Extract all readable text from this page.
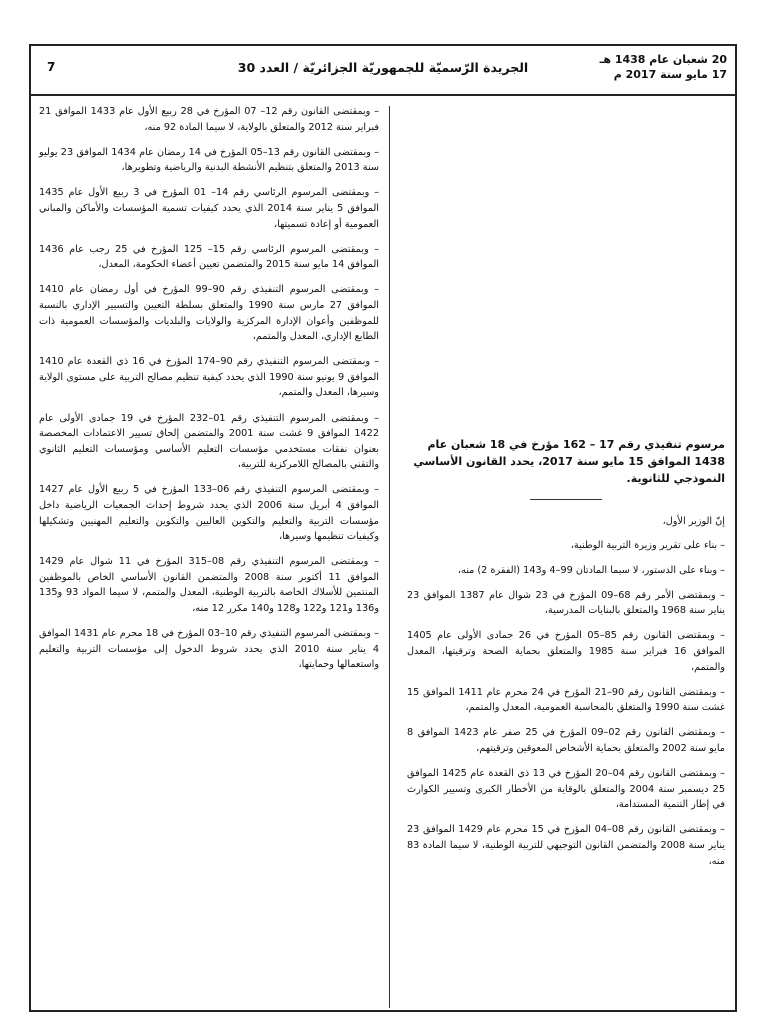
20 شعبان عام 1438 هـ
17 مايو سنة 2017 م
الجريدة الرّسميّة للجمهوريّة الجزائريّة / العدد 30
7

– وبمقتضى القانون رقم 12– 07 المؤرخ في 28 ربيع الأول عام 1433 الموافق 21 فبراير سنة 2012 والمتعلق بالولاية، لا سيما المادة 92 منه،

– وبمقتضى القانون رقم 13–05 المؤرخ في 14 رمضان عام 1434 الموافق 23 يوليو سنة 2013 والمتعلق بتنظيم الأنشطة البدنية والرياضية وتطويرها،

– وبمقتضى المرسوم الرئاسي رقم 14– 01 المؤرخ في 3 ربيع الأول عام 1435 الموافق 5 يناير سنة 2014 الذي يحدد كيفيات تسمية المؤسسات والأماكن والمباني العمومية أو إعادة تسميتها،

– وبمقتضى المرسوم الرئاسي رقم 15– 125 المؤرخ في 25 رجب عام 1436 الموافق 14 مايو سنة 2015 والمتضمن تعيين أعضاء الحكومة، المعدل،

– وبمقتضى المرسوم التنفيذي رقم 90–99 المؤرخ في أول رمضان عام 1410 الموافق 27 مارس سنة 1990 والمتعلق بسلطة التعيين والتسيير الإداري بالنسبة للموظفين وأعوان الإدارة المركزية والولايات والبلديات والمؤسسات العمومية ذات الطابع الإداري، المعدل والمتمم،

– وبمقتضى المرسوم التنفيذي رقم 90–174 المؤرخ في 16 ذي القعدة عام 1410 الموافق 9 يونيو سنة 1990 الذي يحدد كيفية تنظيم مصالح التربية على مستوى الولاية وسيرها، المعدل والمتمم،

– وبمقتضى المرسوم التنفيذي رقم 01–232 المؤرخ في 19 جمادى الأولى عام 1422 الموافق 9 غشت سنة 2001 والمتضمن إلحاق تسيير الاعتمادات المخصصة بعنوان نفقات مستخدمي مؤسسات التعليم الأساسي ومؤسسات التعليم الثانوي والتقني بالمصالح اللامركزية للتربية،

– وبمقتضى المرسوم التنفيذي رقم 06–133 المؤرخ في 5 ربيع الأول عام 1427 الموافق 4 أبريل سنة 2006 الذي يحدد شروط إحداث الجمعيات الرياضية داخل مؤسسات التربية والتعليم والتكوين العاليين والتكوين والتعليم المهنيين وتشكيلها وكيفيات تنظيمها وسيرها،

– وبمقتضى المرسوم التنفيذي رقم 08–315 المؤرخ في 11 شوال عام 1429 الموافق 11 أكتوبر سنة 2008 والمتضمن القانون الأساسي الخاص بالموظفين المنتمين للأسلاك الخاصة بالتربية الوطنية، المعدل والمتمم، لا سيما المواد 93 و135 و136 و121 و122 و128 و140 مكرر 12 منه،

– وبمقتضى المرسوم التنفيذي رقم 10–03 المؤرخ في 18 محرم عام 1431 الموافق 4 يناير سنة 2010 الذي يحدد شروط الدخول إلى مؤسسات التربية والتعليم واستعمالها وحمايتها،

مرسوم تنفيذي رقم 17 – 162 مؤرخ في 18 شعبان عام 1438 الموافق 15 مايو سنة 2017، يحدد القانون الأساسي النموذجي للثانوية.

إنّ الوزير الأول،

– بناء على تقرير وزيرة التربية الوطنية،

– وبناء على الدستور، لا سيما المادتان 99–4 و143 (الفقرة 2) منه،

– وبمقتضى الأمر رقم 68–09 المؤرخ في 23 شوال عام 1387 الموافق 23 يناير سنة 1968 والمتعلق بالبنايات المدرسية،

– وبمقتضى القانون رقم 85–05 المؤرخ في 26 جمادى الأولى عام 1405 الموافق 16 فبراير سنة 1985 والمتعلق بحماية الصحة وترقيتها، المعدل والمتمم،

– وبمقتضى القانون رقم 90–21 المؤرخ في 24 محرم عام 1411 الموافق 15 غشت سنة 1990 والمتعلق بالمحاسبة العمومية، المعدل والمتمم،

– وبمقتضى القانون رقم 02–09 المؤرخ في 25 صفر عام 1423 الموافق 8 مايو سنة 2002 والمتعلق بحماية الأشخاص المعوقين وترقيتهم،

– وبمقتضى القانون رقم 04–20 المؤرخ في 13 ذي القعدة عام 1425 الموافق 25 ديسمبر سنة 2004 والمتعلق بالوقاية من الأخطار الكبرى وتسيير الكوارث في إطار التنمية المستدامة،

– وبمقتضى القانون رقم 08–04 المؤرخ في 15 محرم عام 1429 الموافق 23 يناير سنة 2008 والمتضمن القانون التوجيهي للتربية الوطنية، لا سيما المادة 83 منه،
